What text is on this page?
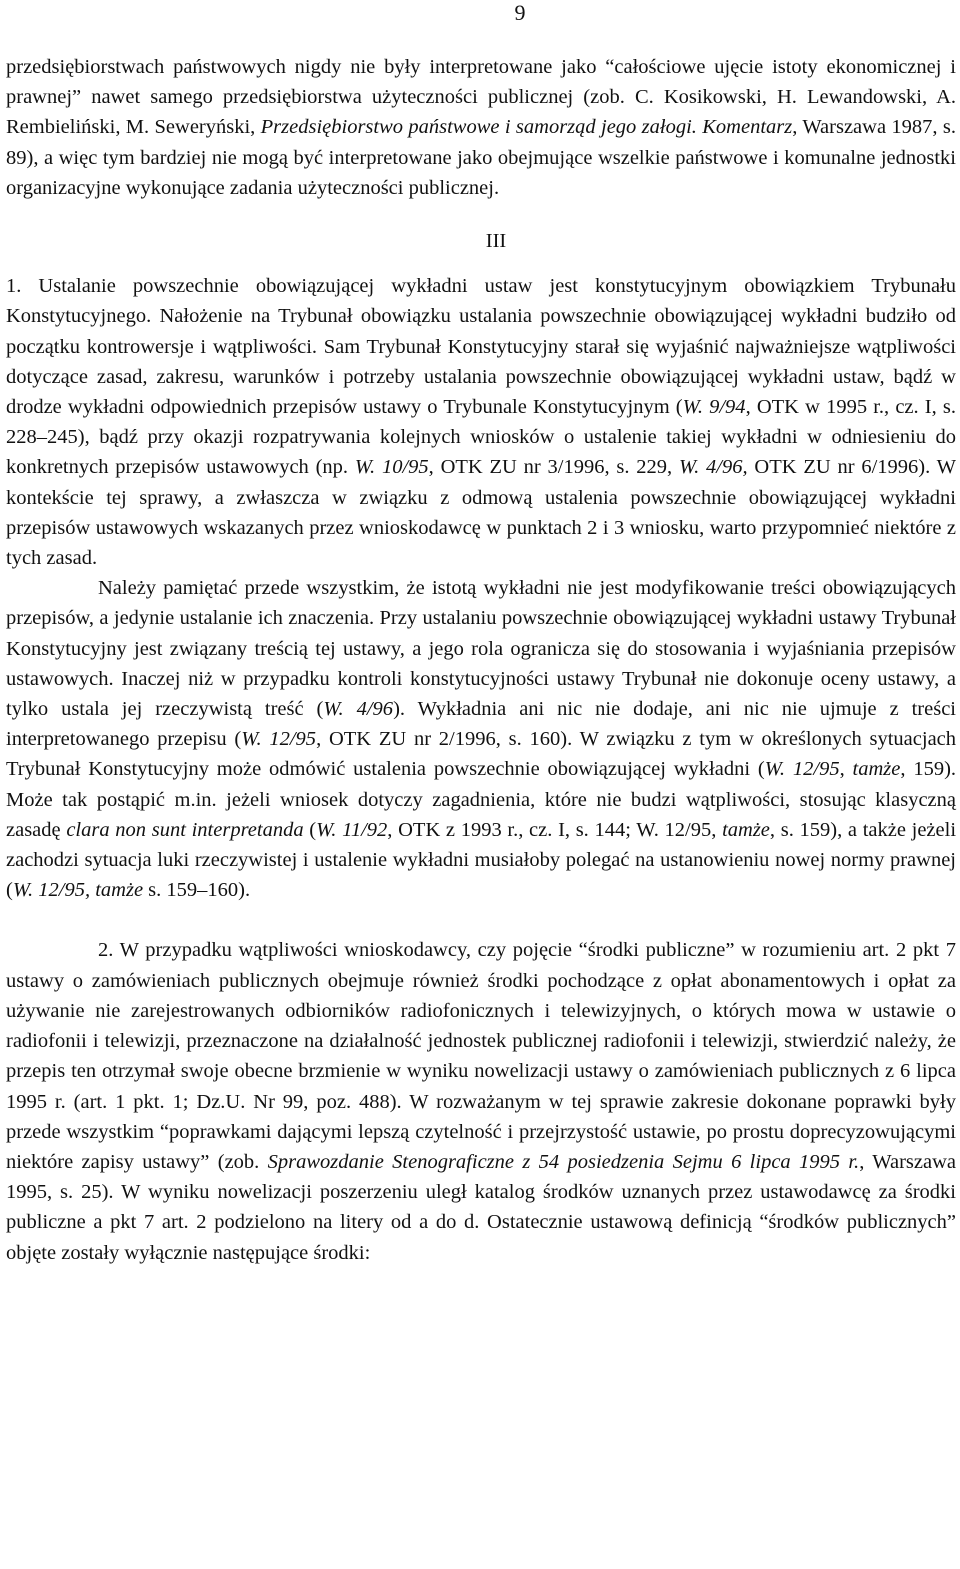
9

przedsiębiorstwach państwowych nigdy nie były interpretowane jako “całościowe ujęcie istoty ekonomicznej i prawnej” nawet samego przedsiębiorstwa użyteczności publicznej (zob. C. Kosikowski, H. Lewandowski, A. Rembieliński, M. Seweryński, Przedsiębiorstwo państwowe i samorząd jego załogi. Komentarz, Warszawa 1987, s. 89), a więc tym bardziej nie mogą być interpretowane jako obejmujące wszelkie państwowe i komunalne jednostki organizacyjne wykonujące zadania użyteczności publicznej.

III

1. Ustalanie powszechnie obowiązującej wykładni ustaw jest konstytucyjnym obowiązkiem Trybunału Konstytucyjnego. Nałożenie na Trybunał obowiązku ustalania powszechnie obowiązującej wykładni budziło od początku kontrowersje i wątpliwości. Sam Trybunał Konstytucyjny starał się wyjaśnić najważniejsze wątpliwości dotyczące zasad, zakresu, warunków i potrzeby ustalania powszechnie obowiązującej wykładni ustaw, bądź w drodze wykładni odpowiednich przepisów ustawy o Trybunale Konstytucyjnym (W. 9/94, OTK w 1995 r., cz. I, s. 228–245), bądź przy okazji rozpatrywania kolejnych wniosków o ustalenie takiej wykładni w odniesieniu do konkretnych przepisów ustawowych (np. W. 10/95, OTK ZU nr 3/1996, s. 229, W. 4/96, OTK ZU nr 6/1996). W kontekście tej sprawy, a zwłaszcza w związku z odmową ustalenia powszechnie obowiązującej wykładni przepisów ustawowych wskazanych przez wnioskodawcę w punktach 2 i 3 wniosku, warto przypomnieć niektóre z tych zasad.

Należy pamiętać przede wszystkim, że istotą wykładni nie jest modyfikowanie treści obowiązujących przepisów, a jedynie ustalanie ich znaczenia. Przy ustalaniu powszechnie obowiązującej wykładni ustawy Trybunał Konstytucyjny jest związany treścią tej ustawy, a jego rola ogranicza się do stosowania i wyjaśniania przepisów ustawowych. Inaczej niż w przypadku kontroli konstytucyjności ustawy Trybunał nie dokonuje oceny ustawy, a tylko ustala jej rzeczywistą treść (W. 4/96). Wykładnia ani nic nie dodaje, ani nic nie ujmuje z treści interpretowanego przepisu (W. 12/95, OTK ZU nr 2/1996, s. 160). W związku z tym w określonych sytuacjach Trybunał Konstytucyjny może odmówić ustalenia powszechnie obowiązującej wykładni (W. 12/95, tamże, 159). Może tak postąpić m.in. jeżeli wniosek dotyczy zagadnienia, które nie budzi wątpliwości, stosując klasyczną zasadę clara non sunt interpretanda (W. 11/92, OTK z 1993 r., cz. I, s. 144; W. 12/95, tamże, s. 159), a także jeżeli zachodzi sytuacja luki rzeczywistej i ustalenie wykładni musiałoby polegać na ustanowieniu nowej normy prawnej (W. 12/95, tamże s. 159–160).

2. W przypadku wątpliwości wnioskodawcy, czy pojęcie “środki publiczne” w rozumieniu art. 2 pkt 7 ustawy o zamówieniach publicznych obejmuje również środki pochodzące z opłat abonamentowych i opłat za używanie nie zarejestrowanych odbiorników radiofonicznych i telewizyjnych, o których mowa w ustawie o radiofonii i telewizji, przeznaczone na działalność jednostek publicznej radiofonii i telewizji, stwierdzić należy, że przepis ten otrzymał swoje obecne brzmienie w wyniku nowelizacji ustawy o zamówieniach publicznych z 6 lipca 1995 r. (art. 1 pkt. 1; Dz.U. Nr 99, poz. 488). W rozważanym w tej sprawie zakresie dokonane poprawki były przede wszystkim “poprawkami dającymi lepszą czytelność i przejrzystość ustawie, po prostu doprecyzowującymi niektóre zapisy ustawy” (zob. Sprawozdanie Stenograficzne z 54 posiedzenia Sejmu 6 lipca 1995 r., Warszawa 1995, s. 25). W wyniku nowelizacji poszerzeniu uległ katalog środków uznanych przez ustawodawcę za środki publiczne a pkt 7 art. 2 podzielono na litery od a do d. Ostatecznie ustawową definicją “środków publicznych” objęte zostały wyłącznie następujące środki:
